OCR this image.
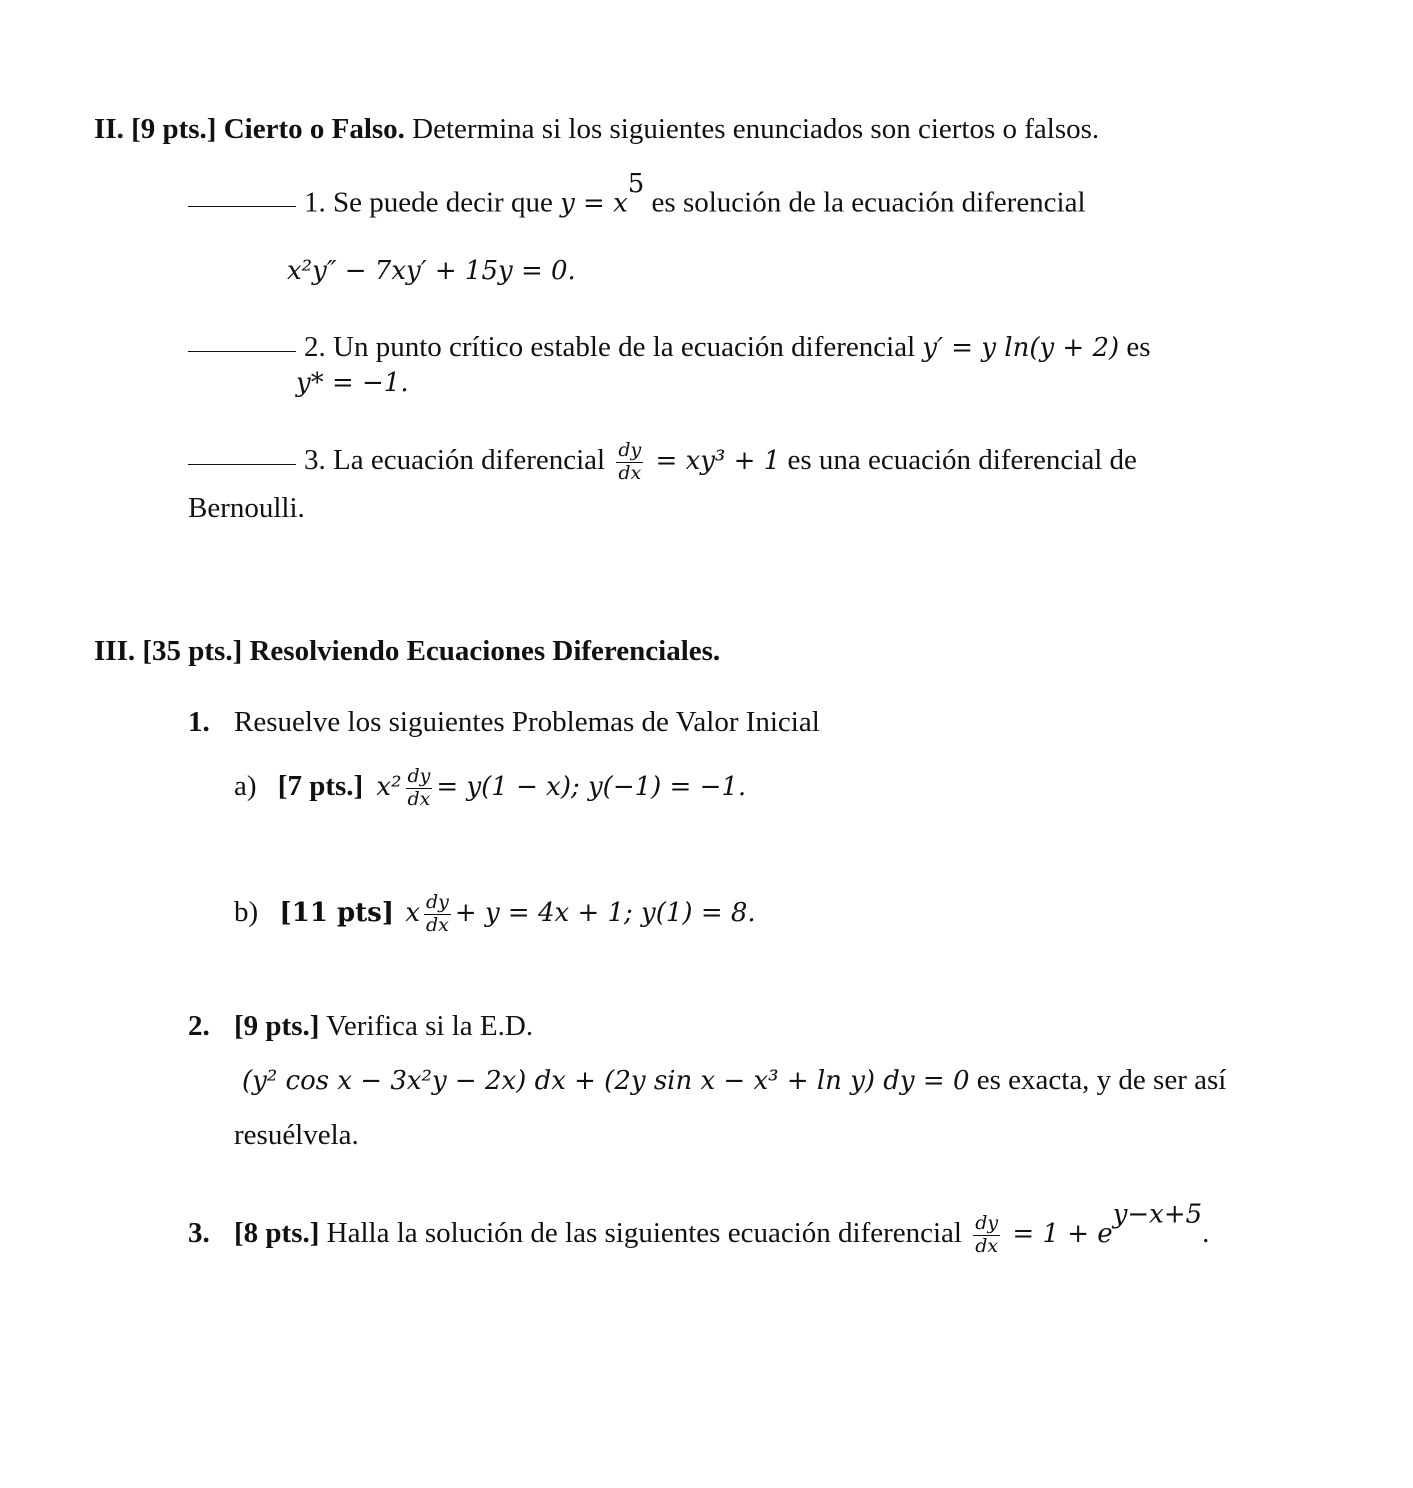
II. [9 pts.] Cierto o Falso. Determina si los siguientes enunciados son ciertos o falsos.
1. Se puede decir que $y = x^5$ es solución de la ecuación diferencial
x²y″ − 7xy′ + 15y = 0.
2. Un punto crítico estable de la ecuación diferencial y′ = y ln(y + 2) es
y* = −1.
3. La ecuación diferencial $\frac{dy}{dx} = xy^3 + 1$ es una ecuación diferencial de
Bernoulli.
III. [35 pts.] Resolviendo Ecuaciones Diferenciales.
1. Resuelve los siguientes Problemas de Valor Inicial
a) [7 pts.] $x^2 \frac{dy}{dx} = y(1 - x)$; y(−1) = −1.
b) [11 pts] x $\frac{dy}{dx} + y = 4x + 1$; y(1) = 8.
2. [9 pts.] Verifica si la E.D.
(y² cos x − 3x²y − 2x) dx + (2y sin x − x³ + ln y) dy = 0 es exacta, y de ser así
resuélvela.
3. [8 pts.] Halla la solución de las siguientes ecuación diferencial $\frac{dy}{dx} = 1 + e^{y-x+5}$.
